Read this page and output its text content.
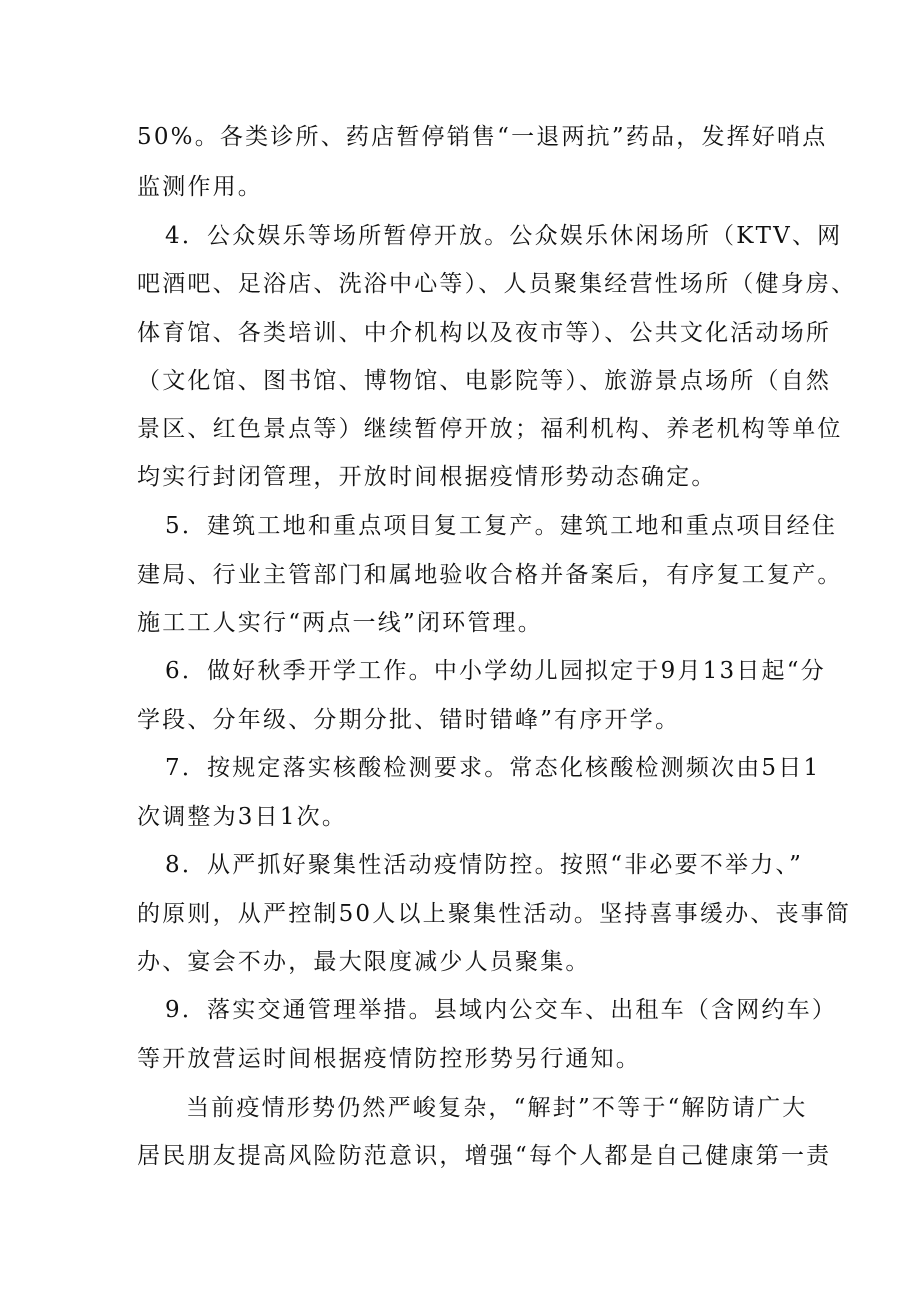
50%。各类诊所、药店暂停销售“一退两抗”药品，发挥好哨点
监测作用。
4．公众娱乐等场所暂停开放。公众娱乐休闲场所（KTV、网
吧酒吧、足浴店、洗浴中心等）、人员聚集经营性场所（健身房、
体育馆、各类培训、中介机构以及夜市等）、公共文化活动场所
（文化馆、图书馆、博物馆、电影院等）、旅游景点场所（自然
景区、红色景点等）继续暂停开放；福利机构、养老机构等单位
均实行封闭管理，开放时间根据疫情形势动态确定。
5．建筑工地和重点项目复工复产。建筑工地和重点项目经住
建局、行业主管部门和属地验收合格并备案后，有序复工复产。
施工工人实行“两点一线”闭环管理。
6．做好秋季开学工作。中小学幼儿园拟定于9月13日起“分
学段、分年级、分期分批、错时错峰”有序开学。
7．按规定落实核酸检测要求。常态化核酸检测频次由5日1
次调整为3日1次。
8．从严抓好聚集性活动疫情防控。按照“非必要不举力、”
的原则，从严控制50人以上聚集性活动。坚持喜事缓办、丧事简
办、宴会不办，最大限度减少人员聚集。
9．落实交通管理举措。县域内公交车、出租车（含网约车）
等开放营运时间根据疫情防控形势另行通知。
当前疫情形势仍然严峻复杂，“解封”不等于“解防请广大
居民朋友提高风险防范意识，增强“每个人都是自己健康第一责
